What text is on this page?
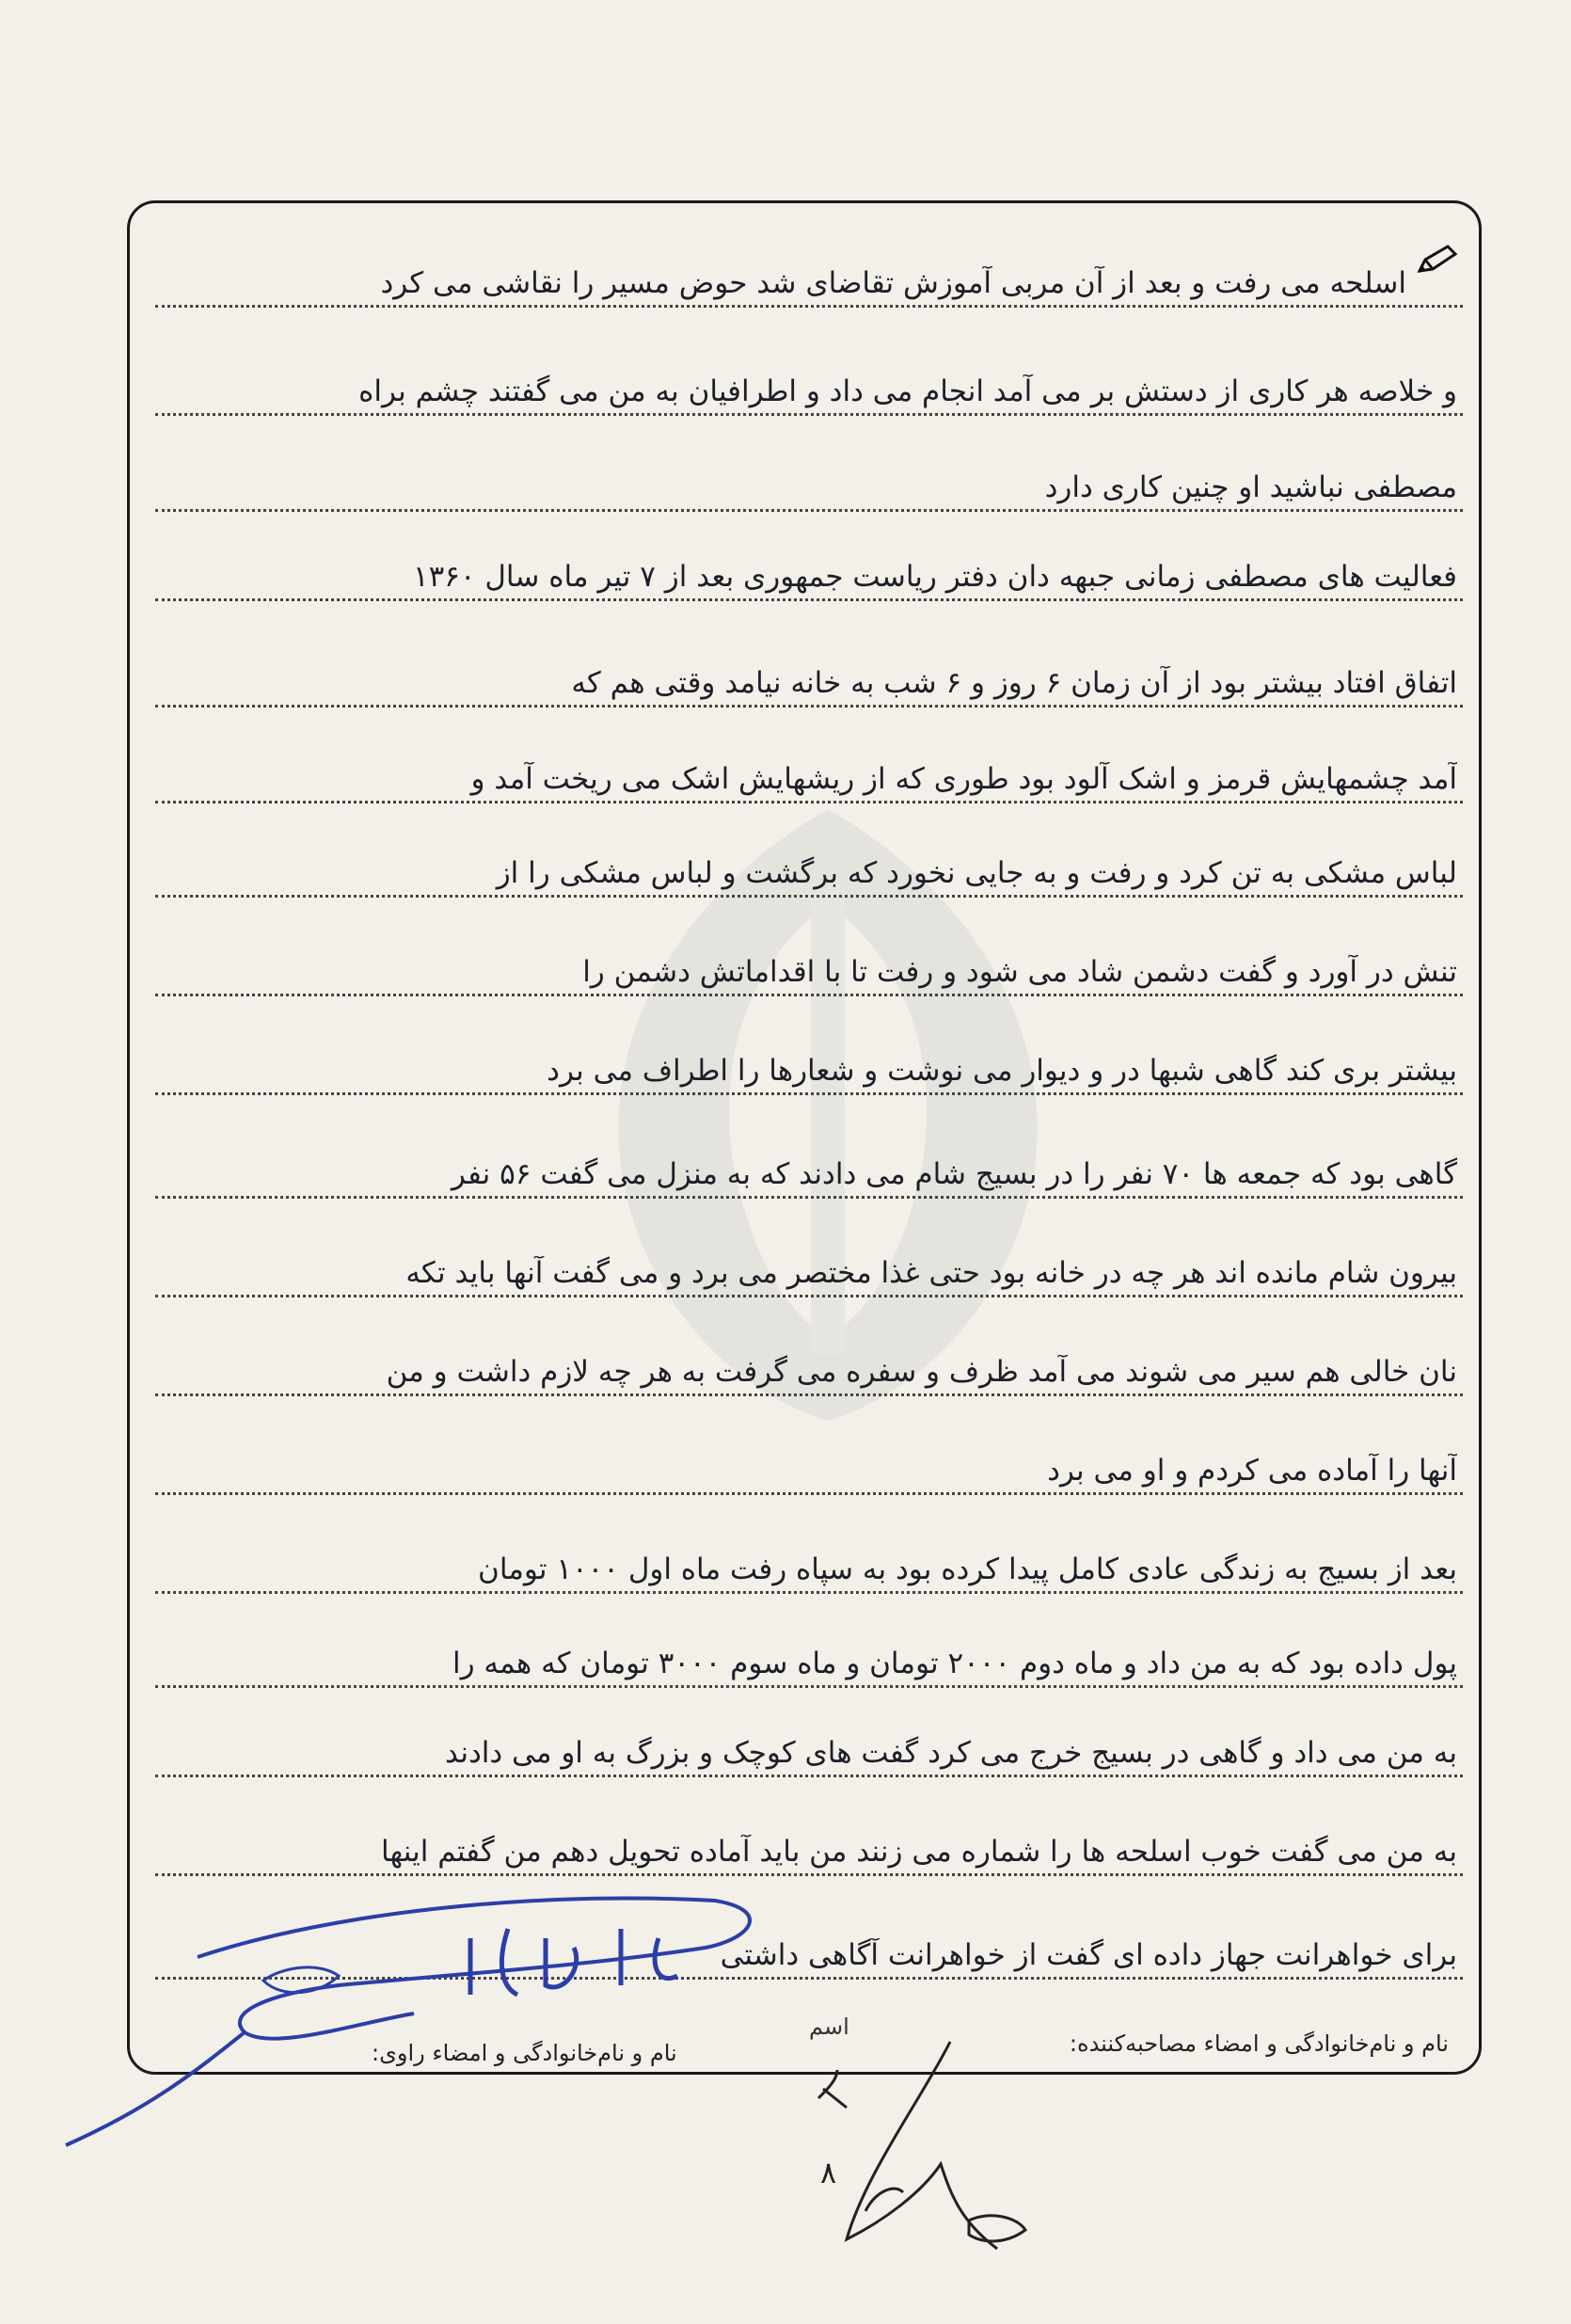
اسلحه می رفت و بعد از آن مربی آموزش تقاضای شد حوض مسیر را نقاشی می کرد
و خلاصه هر کاری از دستش بر می آمد انجام می داد و اطرافیان به من می گفتند چشم براه
مصطفی نباشید او چنین کاری دارد
فعالیت های مصطفی زمانی جبهه دان دفتر ریاست جمهوری بعد از ۷ تیر ماه سال ۱۳۶۰
اتفاق افتاد بیشتر بود از آن زمان ۶ روز و ۶ شب به خانه نیامد وقتی هم که
آمد چشمهایش قرمز و اشک آلود بود طوری که از ریشهایش اشک می ریخت آمد و
لباس مشکی به تن کرد و رفت و به جایی نخورد که برگشت و لباس مشکی را از
تنش در آورد و گفت دشمن شاد می شود و رفت تا با اقداماتش دشمن را
بیشتر بری کند گاهی شبها در و دیوار می نوشت و شعارها را اطراف می برد
گاهی بود که جمعه ها ۷۰ نفر را در بسیج شام می دادند که به منزل می گفت ۵۶ نفر
بیرون شام مانده اند هر چه در خانه بود حتی غذا مختصر می برد و می گفت آنها باید تکه
نان خالی هم سیر می شوند می آمد ظرف و سفره می گرفت به هر چه لازم داشت و من
آنها را آماده می کردم و او می برد
بعد از بسیج به زندگی عادی کامل پیدا کرده بود به سپاه رفت ماه اول ۱۰۰۰ تومان
پول داده بود که به من داد و ماه دوم ۲۰۰۰ تومان و ماه سوم ۳۰۰۰ تومان که همه را
به من می داد و گاهی در بسیج خرج می کرد گفت های کوچک و بزرگ به او می دادند
به من می گفت خوب اسلحه ها را شماره می زنند من باید آماده تحویل دهم من گفتم اینها
برای خواهرانت جهاز داده ای گفت از خواهرانت آگاهی داشتی
اسم
نام و نام‌خانوادگی و امضاء مصاحبه‌کننده:
نام و نام‌خانوادگی و امضاء راوی:
۸
